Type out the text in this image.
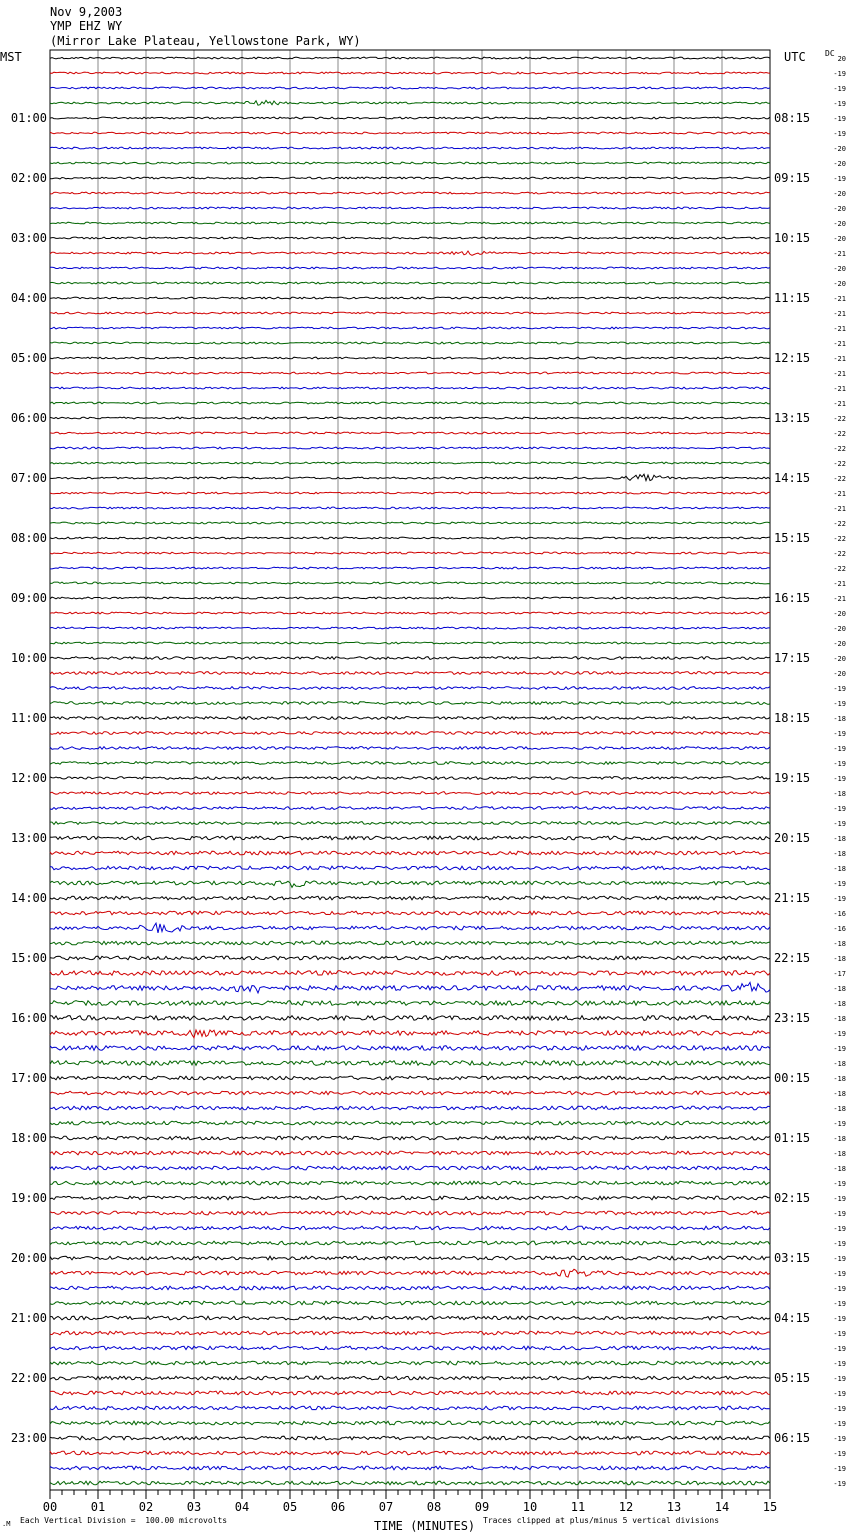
20
-19
-19
-19
-19
-19
-20
-20
-19
-20
-20
-20
-20
-21
-20
-20
-21
-21
-21
-21
-21
-21
-21
-21
-22
-22
-22
-22
-22
-21
-21
-22
-22
-22
-22
-21
-21
-20
-20
-20
-20
-20
-19
-19
-18
-19
-19
-19
-19
-18
-19
-19
-18
-18
-18
-19
-19
-16
-16
-18
-18
-17
-18
-18
-18
-19
-19
-18
-18
-18
-18
-19
-18
-18
-18
-19
-19
-19
-19
-19
-19
-19
-19
-19
-19
-19
-19
-19
-19
-19
-19
-19
-19
-19
-19
-19
DC
01:00
02:00
03:00
04:00
05:00
06:00
07:00
08:00
09:00
10:00
11:00
12:00
13:00
14:00
15:00
16:00
17:00
18:00
19:00
20:00
21:00
22:00
23:00
08:15
09:15
10:15
11:15
12:15
13:15
14:15
15:15
16:15
17:15
18:15
19:15
20:15
21:15
22:15
23:15
00:15
01:15
02:15
03:15
04:15
05:15
06:15
00	01	02	03	04	05	06	07	08	09	10	11	12	13	14	15
Nov 9,2003
YMP EHZ WY
(Mirror Lake Plateau, Yellowstone Park, WY)
MST	UTC
.M Each Vertical Division =  100.00 microvolts	TIME (MINUTES) Traces clipped at plus/minus 5 vertical divisions
